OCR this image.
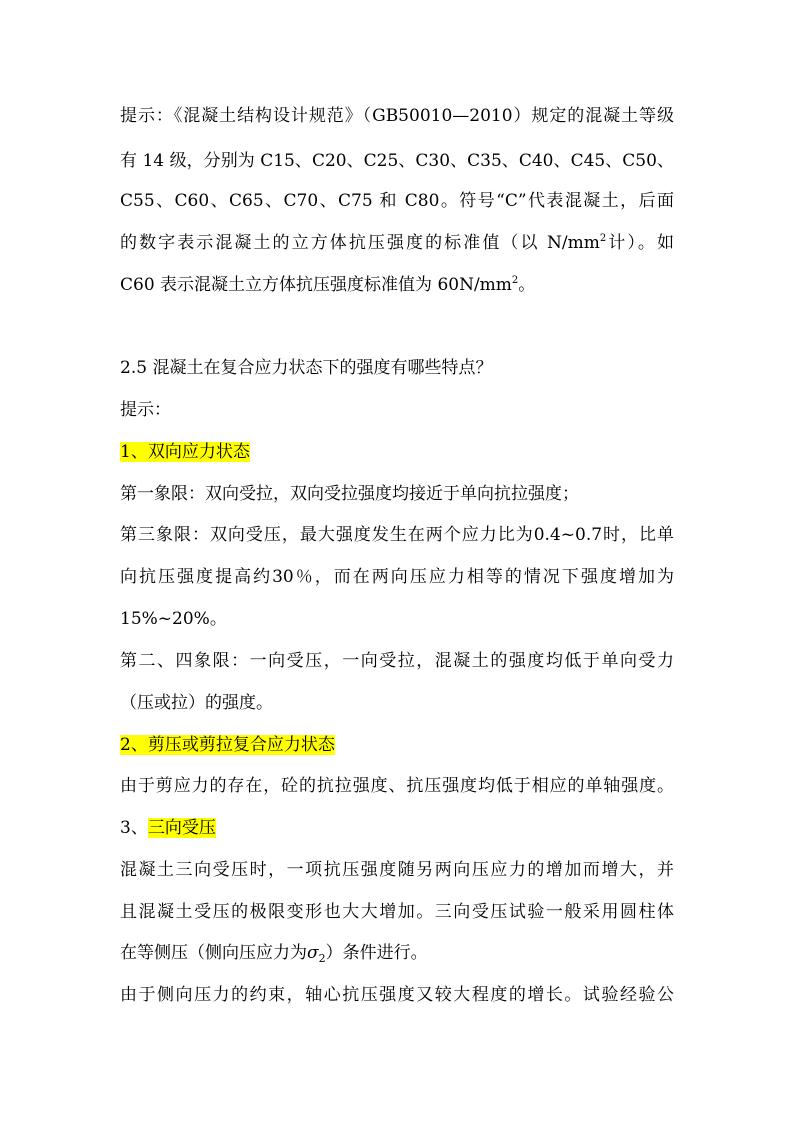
提示：《混凝土结构设计规范》（GB50010—2010）规定的混凝土等级
有 14 级，分别为 C15、C20、C25、C30、C35、C40、C45、C50、
C55、C60、C65、C70、C75 和 C80。符号“C”代表混凝土，后面
的数字表示混凝土的立方体抗压强度的标准值（以 $N/mm^2$计）。如
C60 表示混凝土立方体抗压强度标准值为 $60N/mm^2$。
2.5 混凝土在复合应力状态下的强度有哪些特点？
提示：
1、双向应力状态
第一象限：双向受拉，双向受拉强度均接近于单向抗拉强度；
第三象限：双向受压，最大强度发生在两个应力比为0.4~0.7时，比单
向抗压强度提高约30％，而在两向压应力相等的情况下强度增加为
15%~20%。
第二、四象限：一向受压，一向受拉，混凝土的强度均低于单向受力
（压或拉）的强度。
2、剪压或剪拉复合应力状态
由于剪应力的存在，砼的抗拉强度、抗压强度均低于相应的单轴强度。
3、三向受压
混凝土三向受压时，一项抗压强度随另两向压应力的增加而增大，并
且混凝土受压的极限变形也大大增加。三向受压试验一般采用圆柱体
在等侧压（侧向压应力为$\sigma_2$）条件进行。
由于侧向压力的约束，轴心抗压强度又较大程度的增长。试验经验公
